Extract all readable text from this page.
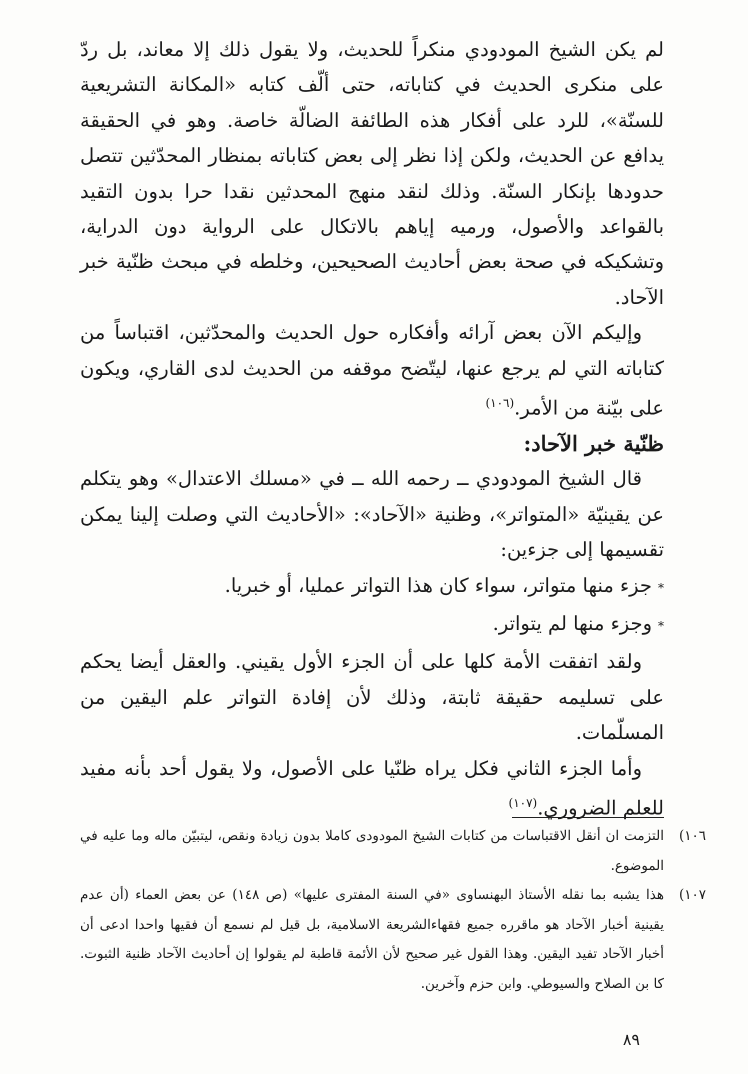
لم يكن الشيخ المودودي منكراً للحديث، ولا يقول ذلك إلا معاند، بل ردّ على منكرى الحديث في كتاباته، حتى ألّف كتابه «المكانة التشريعية للسنّة»، للرد على أفكار هذه الطائفة الضالّة خاصة. وهو في الحقيقة يدافع عن الحديث، ولكن إذا نظر إلى بعض كتاباته بمنظار المحدّثين تتصل حدودها بإنكار السنّة. وذلك لنقد منهج المحدثين نقدا حرا بدون التقيد بالقواعد والأصول، ورميه إياهم بالاتكال على الرواية دون الدراية، وتشكيكه في صحة بعض أحاديث الصحيحين، وخلطه في مبحث ظنّية خبر الآحاد.

وإليكم الآن بعض آرائه وأفكاره حول الحديث والمحدّثين، اقتباساً من كتاباته التي لم يرجع عنها، ليتّضح موقفه من الحديث لدى القاري، ويكون على بيّنة من الأمر.$^{(١٠٦)}$

ظنّية خبر الآحاد:

قال الشيخ المودودي ــ رحمه الله ــ في «مسلك الاعتدال» وهو يتكلم عن يقينيّة «المتواتر»، وظنية «الآحاد»: «الأحاديث التي وصلت إلينا يمكن تقسيمها إلى جزءين:

*جزء منها متواتر، سواء كان هذا التواتر عمليا، أو خبريا.

*وجزء منها لم يتواتر.

ولقد اتفقت الأمة كلها على أن الجزء الأول يقيني. والعقل أيضا يحكم على تسليمه حقيقة ثابتة، وذلك لأن إفادة التواتر علم اليقين من المسلّمات.

وأما الجزء الثاني فكل يراه ظنّيا على الأصول، ولا يقول أحد بأنه مفيد للعلم الضروري.$^{(١٠٧)}$

١٠٦)
التزمت ان أنقل الاقتباسات من كتابات الشيخ المودودى كاملا بدون زيادة ونقص، ليتبيّن ماله وما عليه في الموضوع.
١٠٧)
هذا يشبه بما نقله الأستاذ البهنساوى «في السنة المفترى عليها» (ص ١٤٨) عن بعض العماء (أن عدم يقينية أخبار الآحاد هو ماقرره جميع فقهاءالشريعة الاسلامية، بل قيل لم نسمع أن فقيها واحدا ادعى أن أخبار الآحاد تفيد اليقين. وهذا القول غير صحيح لأن الأئمة قاطبة لم يقولوا إن أحاديث الآحاد ظنية الثبوت. كا بن الصلاح والسيوطي. وابن حزم وآخرين.
٨٩
